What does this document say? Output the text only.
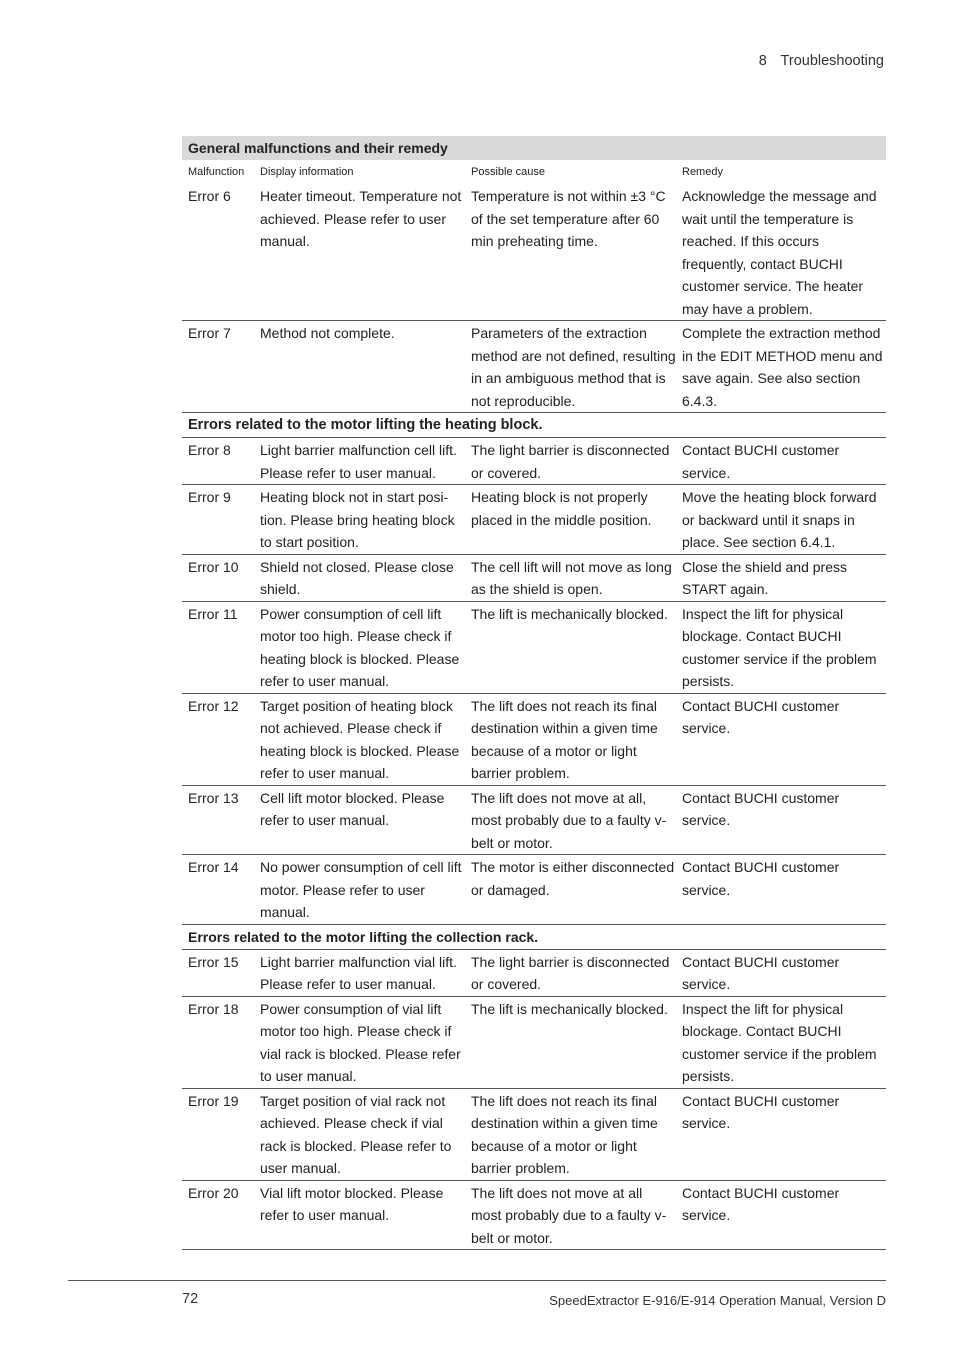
8 Troubleshooting
General malfunctions and their remedy			
Malfunction	Display information	Possible cause	Remedy
Error 6	Heater timeout. Temperature not achieved. Please refer to user manual.	Temperature is not within ±3 °C of the set temperature after 60 min preheating time.	Acknowledge the message and wait until the temperature is reached. If this occurs frequently, contact BUCHI customer service. The heater may have a problem.
Error 7	Method not complete.	Parameters of the extraction method are not defined, resulting in an ambiguous method that is not reproducible.	Complete the extraction method in the EDIT METHOD menu and save again. See also section 6.4.3.
Errors related to the motor lifting the heating block.			
Error 8	Light barrier malfunction cell lift. Please refer to user manual.	The light barrier is disconnected or covered.	Contact BUCHI customer service.
Error 9	Heating block not in start posi-tion. Please bring heating block to start position.	Heating block is not properly placed in the middle position.	Move the heating block forward or backward until it snaps in place. See section 6.4.1.
Error 10	Shield not closed. Please close shield.	The cell lift will not move as long as the shield is open.	Close the shield and press START again.
Error 11	Power consumption of cell lift motor too high. Please check if heating block is blocked. Please refer to user manual.	The lift is mechanically blocked.	Inspect the lift for physical blockage. Contact BUCHI customer service if the problem persists.
Error 12	Target position of heating block not achieved. Please check if heating block is blocked. Please refer to user manual.	The lift does not reach its final destination within a given time because of a motor or light barrier problem.	Contact BUCHI customer service.
Error 13	Cell lift motor blocked. Please refer to user manual.	The lift does not move at all, most probably due to a faulty v-belt or motor.	Contact BUCHI customer service.
Error 14	No power consumption of cell lift motor. Please refer to user manual.	The motor is either disconnected or damaged.	Contact BUCHI customer service.
Errors related to the motor lifting the collection rack.			
Error 15	Light barrier malfunction vial lift. Please refer to user manual.	The light barrier is disconnected or covered.	Contact BUCHI customer service.
Error 18	Power consumption of vial lift motor too high. Please check if vial rack is blocked. Please refer to user manual.	The lift is mechanically blocked.	Inspect the lift for physical blockage. Contact BUCHI customer service if the problem persists.
Error 19	Target position of vial rack not achieved. Please check if vial rack is blocked. Please refer to user manual.	The lift does not reach its final destination within a given time because of a motor or light barrier problem.	Contact BUCHI customer service.
Error 20	Vial lift motor blocked. Please refer to user manual.	The lift does not move at all most probably due to a faulty v-belt or motor.	Contact BUCHI customer service.
72	SpeedExtractor E-916/E-914 Operation Manual, Version D
